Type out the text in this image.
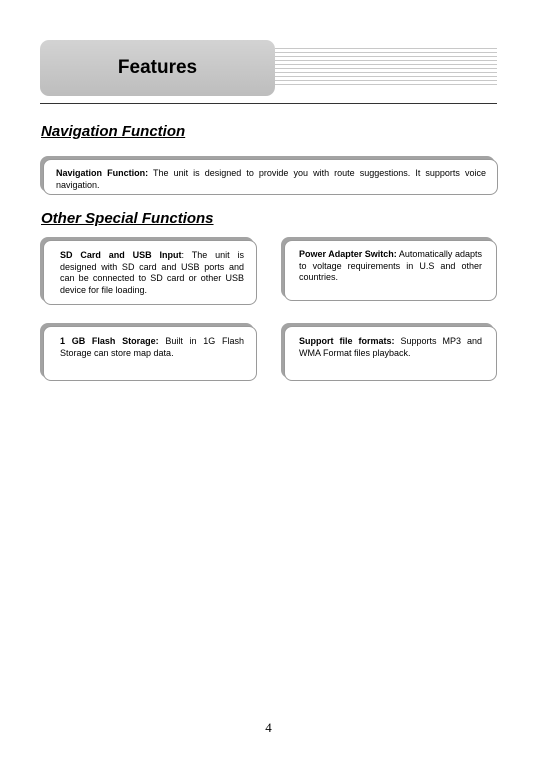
Features
Navigation Function
Navigation Function: The unit is designed to provide you with route suggestions. It supports voice navigation.
Other Special Functions
SD Card and USB Input: The unit is designed with SD card and USB ports and can be connected to SD card or other USB device for file loading.
Power Adapter Switch: Automatically adapts to voltage requirements in U.S and other countries.
1 GB Flash Storage: Built in 1G Flash Storage can store map data.
Support file formats: Supports MP3 and WMA Format files playback.
4
